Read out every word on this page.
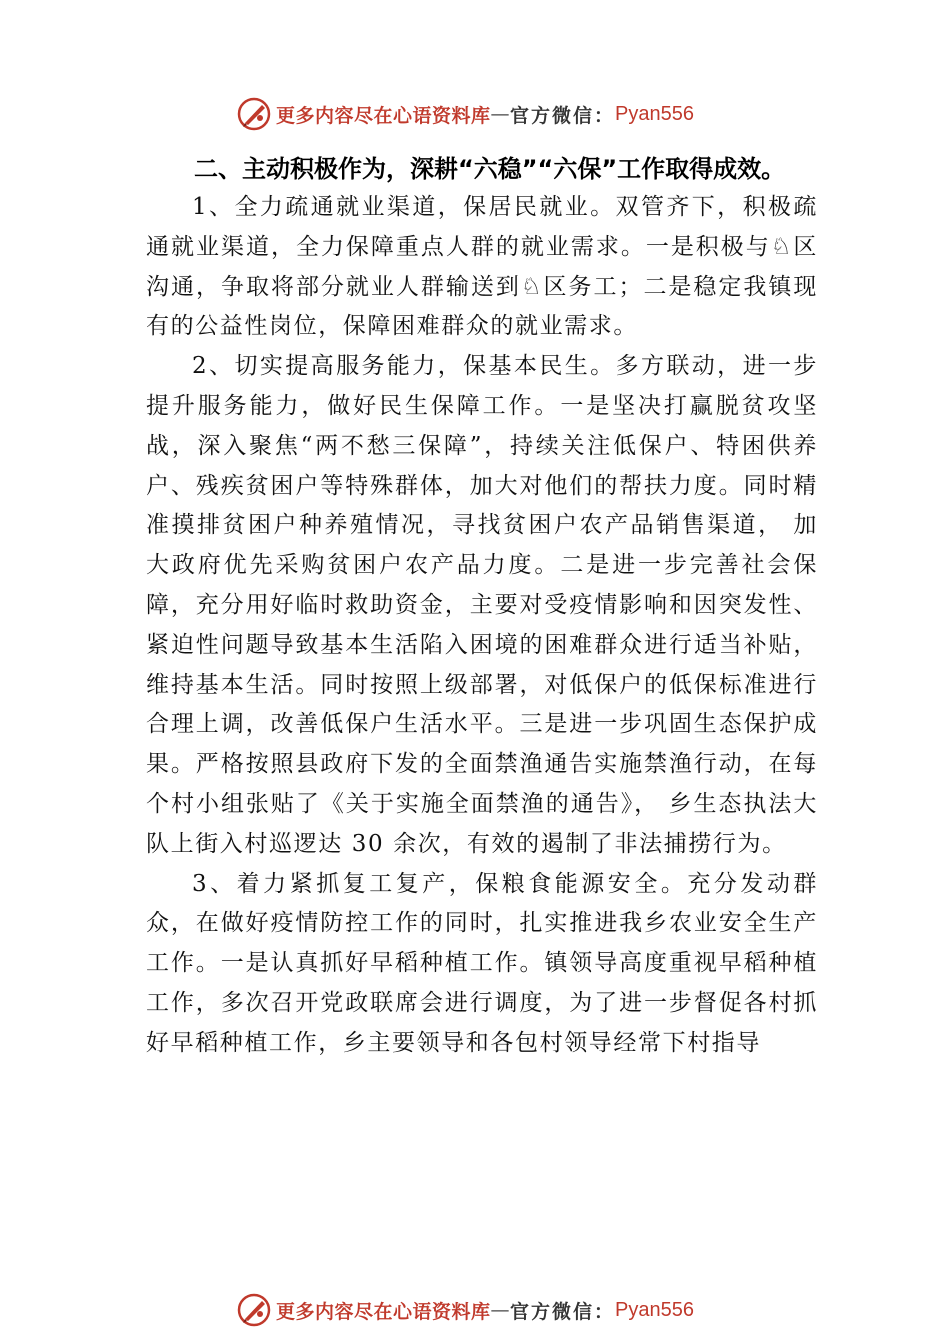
更多内容尽在心语资料库 — 官方微信： Pyan556

二、主动积极作为，深耕“六稳”“六保”工作取得成效。

1、全力疏通就业渠道，保居民就业。双管齐下，积极疏通就业渠道，全力保障重点人群的就业需求。一是积极与♘区沟通，争取将部分就业人群输送到♘区务工；二是稳定我镇现有的公益性岗位，保障困难群众的就业需求。

2、切实提高服务能力，保基本民生。多方联动，进一步提升服务能力，做好民生保障工作。一是坚决打赢脱贫攻坚战，深入聚焦“两不愁三保障”，持续关注低保户、特困供养户、残疾贫困户等特殊群体，加大对他们的帮扶力度。同时精准摸排贫困户种养殖情况，寻找贫困户农产品销售渠道， 加大政府优先采购贫困户农产品力度。二是进一步完善社会保障，充分用好临时救助资金，主要对受疫情影响和因突发性、紧迫性问题导致基本生活陷入困境的困难群众进行适当补贴，维持基本生活。同时按照上级部署，对低保户的低保标准进行合理上调，改善低保户生活水平。三是进一步巩固生态保护成果。严格按照县政府下发的全面禁渔通告实施禁渔行动，在每个村小组张贴了《关于实施全面禁渔的通告》， 乡生态执法大队上街入村巡逻达 30 余次，有效的遏制了非法捕捞行为。

3、着力紧抓复工复产，保粮食能源安全。充分发动群众，在做好疫情防控工作的同时，扎实推进我乡农业安全生产工作。一是认真抓好早稻种植工作。镇领导高度重视早稻种植工作，多次召开党政联席会进行调度，为了进一步督促各村抓好早稻种植工作，乡主要领导和各包村领导经常下村指导

更多内容尽在心语资料库 — 官方微信： Pyan556
